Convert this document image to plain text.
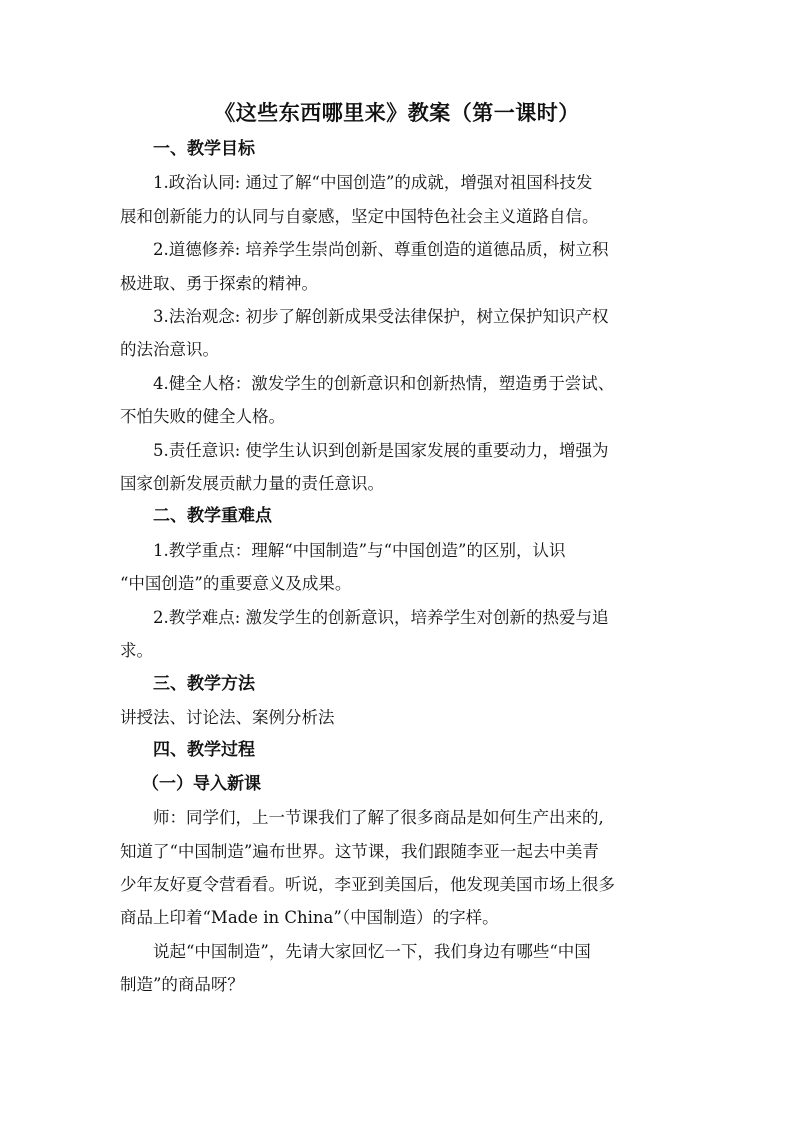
《这些东西哪里来》教案（第一课时）
一、教学目标
1.政治认同: 通过了解“中国创造”的成就，增强对祖国科技发
展和创新能力的认同与自豪感，坚定中国特色社会主义道路自信。
2.道德修养: 培养学生崇尚创新、尊重创造的道德品质，树立积
极进取、勇于探索的精神。
3.法治观念: 初步了解创新成果受法律保护，树立保护知识产权
的法治意识。
4.健全人格：激发学生的创新意识和创新热情，塑造勇于尝试、
不怕失败的健全人格。
5.责任意识: 使学生认识到创新是国家发展的重要动力，增强为
国家创新发展贡献力量的责任意识。
二、教学重难点
1.教学重点：理解“中国制造”与“中国创造”的区别，认识
“中国创造”的重要意义及成果。
2.教学难点: 激发学生的创新意识，培养学生对创新的热爱与追
求。
三、教学方法
讲授法、讨论法、案例分析法
四、教学过程
（一）导入新课
师：同学们，上一节课我们了解了很多商品是如何生产出来的,
知道了“中国制造”遍布世界。这节课，我们跟随李亚一起去中美青
少年友好夏令营看看。听说，李亚到美国后，他发现美国市场上很多
商品上印着“Made in China”（中国制造）的字样。
说起“中国制造”，先请大家回忆一下，我们身边有哪些“中国
制造”的商品呀？
